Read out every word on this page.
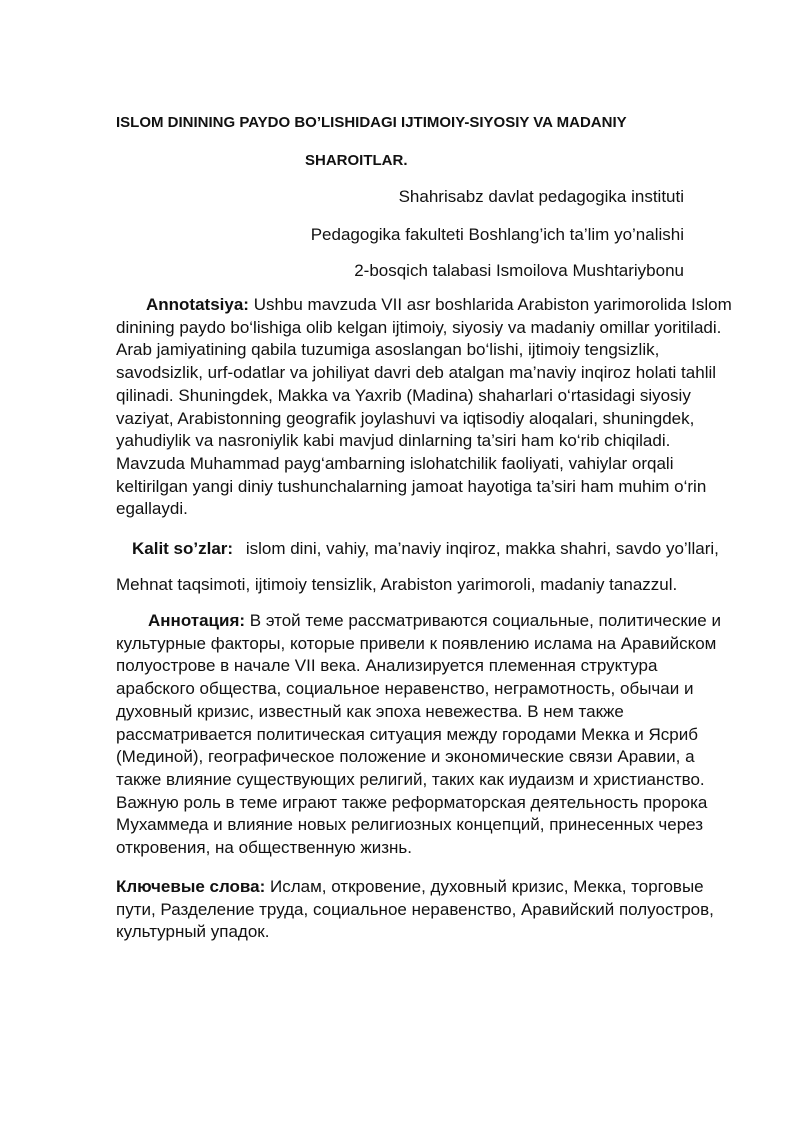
ISLOM DININING PAYDO BO’LISHIDAGI IJTIMOIY-SIYOSIY VA MADANIY
SHAROITLAR.
Shahrisabz davlat pedagogika instituti
Pedagogika fakulteti Boshlang’ich ta’lim yo’nalishi
2-bosqich talabasi Ismoilova Mushtariybonu

Annotatsiya: Ushbu mavzuda VII asr boshlarida Arabiston yarimorolida Islom dinining paydo bo‘lishiga olib kelgan ijtimoiy, siyosiy va madaniy omillar yoritiladi. Arab jamiyatining qabila tuzumiga asoslangan bo‘lishi, ijtimoiy tengsizlik, savodsizlik, urf-odatlar va johiliyat davri deb atalgan ma’naviy inqiroz holati tahlil qilinadi. Shuningdek, Makka va Yaxrib (Madina) shaharlari o‘rtasidagi siyosiy vaziyat, Arabistonning geografik joylashuvi va iqtisodiy aloqalari, shuningdek, yahudiylik va nasroniylik kabi mavjud dinlarning ta’siri ham ko‘rib chiqiladi. Mavzuda Muhammad payg‘ambarning islohatchilik faoliyati, vahiylar orqali keltirilgan yangi diniy tushunchalarning jamoat hayotiga ta’siri ham muhim o‘rin egallaydi.

Kalit so’zlar: islom dini, vahiy, ma’naviy inqiroz, makka shahri, savdo yo’llari,
Mehnat taqsimoti, ijtimoiy tensizlik, Arabiston yarimoroli, madaniy tanazzul.

Аннотация: В этой теме рассматриваются социальные, политические и культурные факторы, которые привели к появлению ислама на Аравийском полуострове в начале VII века. Анализируется племенная структура арабского общества, социальное неравенство, неграмотность, обычаи и духовный кризис, известный как эпоха невежества. В нем также рассматривается политическая ситуация между городами Мекка и Ясриб (Мединой), географическое положение и экономические связи Аравии, а также влияние существующих религий, таких как иудаизм и христианство. Важную роль в теме играют также реформаторская деятельность пророка Мухаммеда и влияние новых религиозных концепций, принесенных через откровения, на общественную жизнь.

Ключевые слова: Ислам, откровение, духовный кризис, Мекка, торговые пути, Разделение труда, социальное неравенство, Аравийский полуостров, культурный упадок.
